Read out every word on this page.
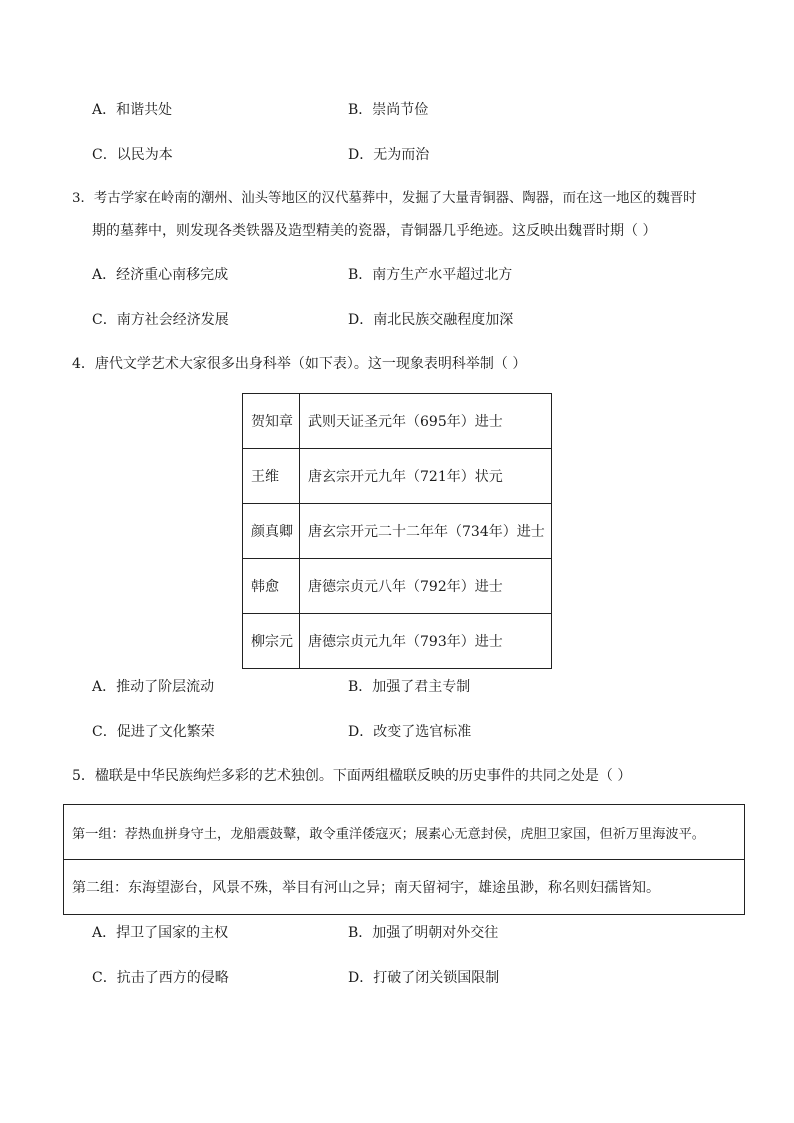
A．和谐共处	B．崇尚节俭
C．以民为本	D．无为而治
3．考古学家在岭南的潮州、汕头等地区的汉代墓葬中，发掘了大量青铜器、陶器，而在这一地区的魏晋时
期的墓葬中，则发现各类铁器及造型精美的瓷器，青铜器几乎绝迹。这反映出魏晋时期（ ）
A．经济重心南移完成	B．南方生产水平超过北方
C．南方社会经济发展	D．南北民族交融程度加深
4．唐代文学艺术大家很多出身科举（如下表）。这一现象表明科举制（ ）
贺知章	武则天证圣元年（695年）进士
王维	唐玄宗开元九年（721年）状元
颜真卿	唐玄宗开元二十二年年（734年）进士
韩愈	唐德宗贞元八年（792年）进士
柳宗元	唐德宗贞元九年（793年）进士
A．推动了阶层流动	B．加强了君主专制
C．促进了文化繁荣	D．改变了选官标准
5．楹联是中华民族绚烂多彩的艺术独创。下面两组楹联反映的历史事件的共同之处是（ ）
第一组：荐热血拼身守土，龙船震鼓鼙，敢令重洋倭寇灭；展素心无意封侯，虎胆卫家国，但祈万里海波平。
第二组：东海望澎台，风景不殊，举目有河山之异；南天留祠宇，雄途虽渺，称名则妇孺皆知。
A．捍卫了国家的主权	B．加强了明朝对外交往
C．抗击了西方的侵略	D．打破了闭关锁国限制
